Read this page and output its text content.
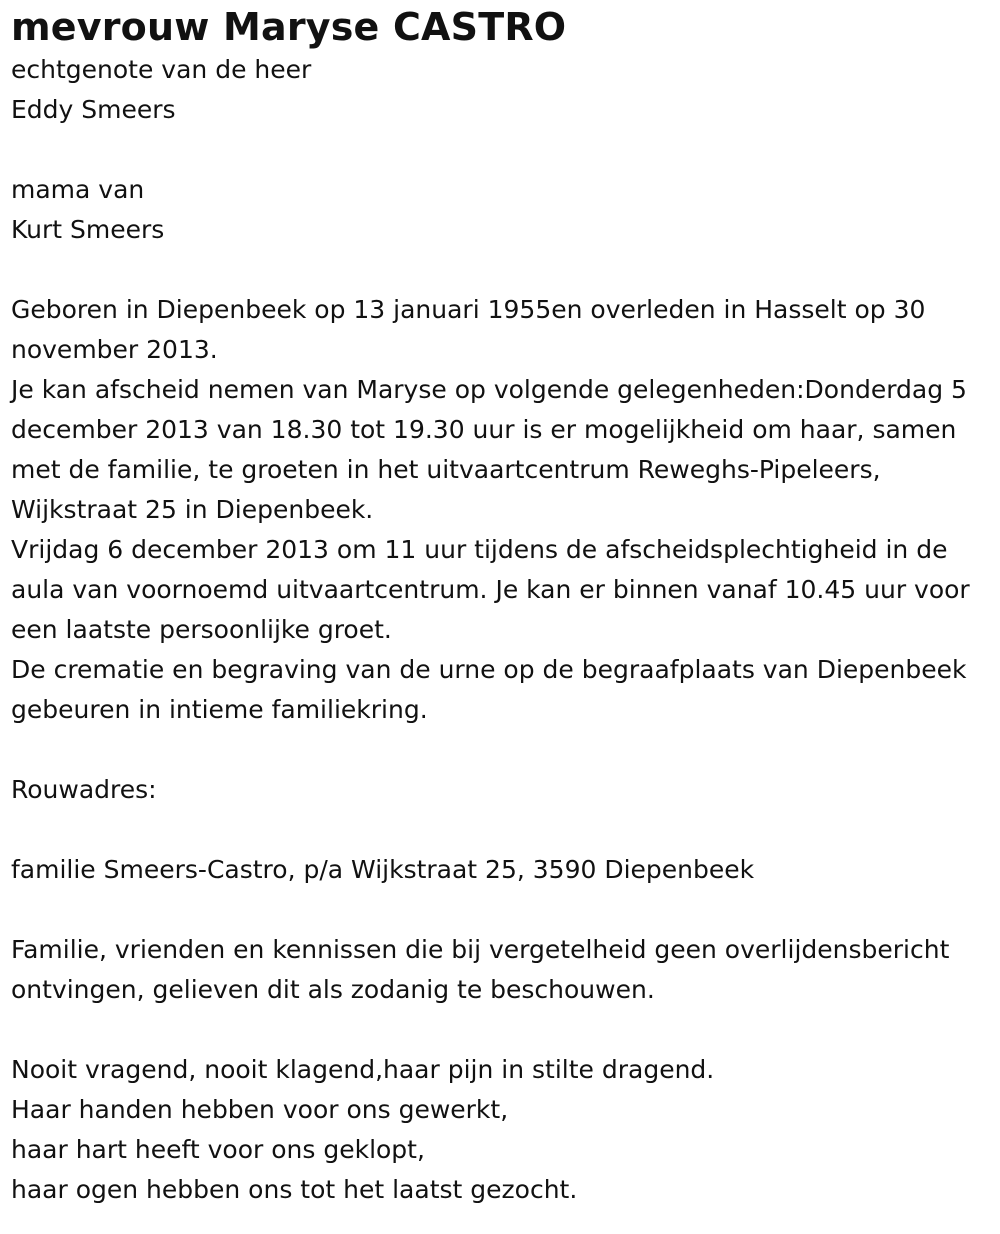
mevrouw Maryse CASTRO
echtgenote van de heer
Eddy Smeers
mama van
Kurt Smeers
Geboren in Diepenbeek op 13 januari 1955en overleden in Hasselt op 30 november 2013.
Je kan afscheid nemen van Maryse op volgende gelegenheden:Donderdag 5 december 2013 van 18.30 tot 19.30 uur is er mogelijkheid om haar, samen met de familie, te groeten in het uitvaartcentrum Reweghs-Pipeleers, Wijkstraat 25 in Diepenbeek.
Vrijdag 6 december 2013 om 11 uur tijdens de afscheidsplechtigheid in de aula van voornoemd uitvaartcentrum. Je kan er binnen vanaf 10.45 uur voor een laatste persoonlijke groet.
De crematie en begraving van de urne op de begraafplaats van Diepenbeek gebeuren in intieme familiekring.
Rouwadres:
familie Smeers-Castro, p/a Wijkstraat 25, 3590 Diepenbeek
Familie, vrienden en kennissen die bij vergetelheid geen overlijdensbericht ontvingen, gelieven dit als zodanig te beschouwen.
Nooit vragend, nooit klagend,haar pijn in stilte dragend.
Haar handen hebben voor ons gewerkt,
haar hart heeft voor ons geklopt,
haar ogen hebben ons tot het laatst gezocht.
